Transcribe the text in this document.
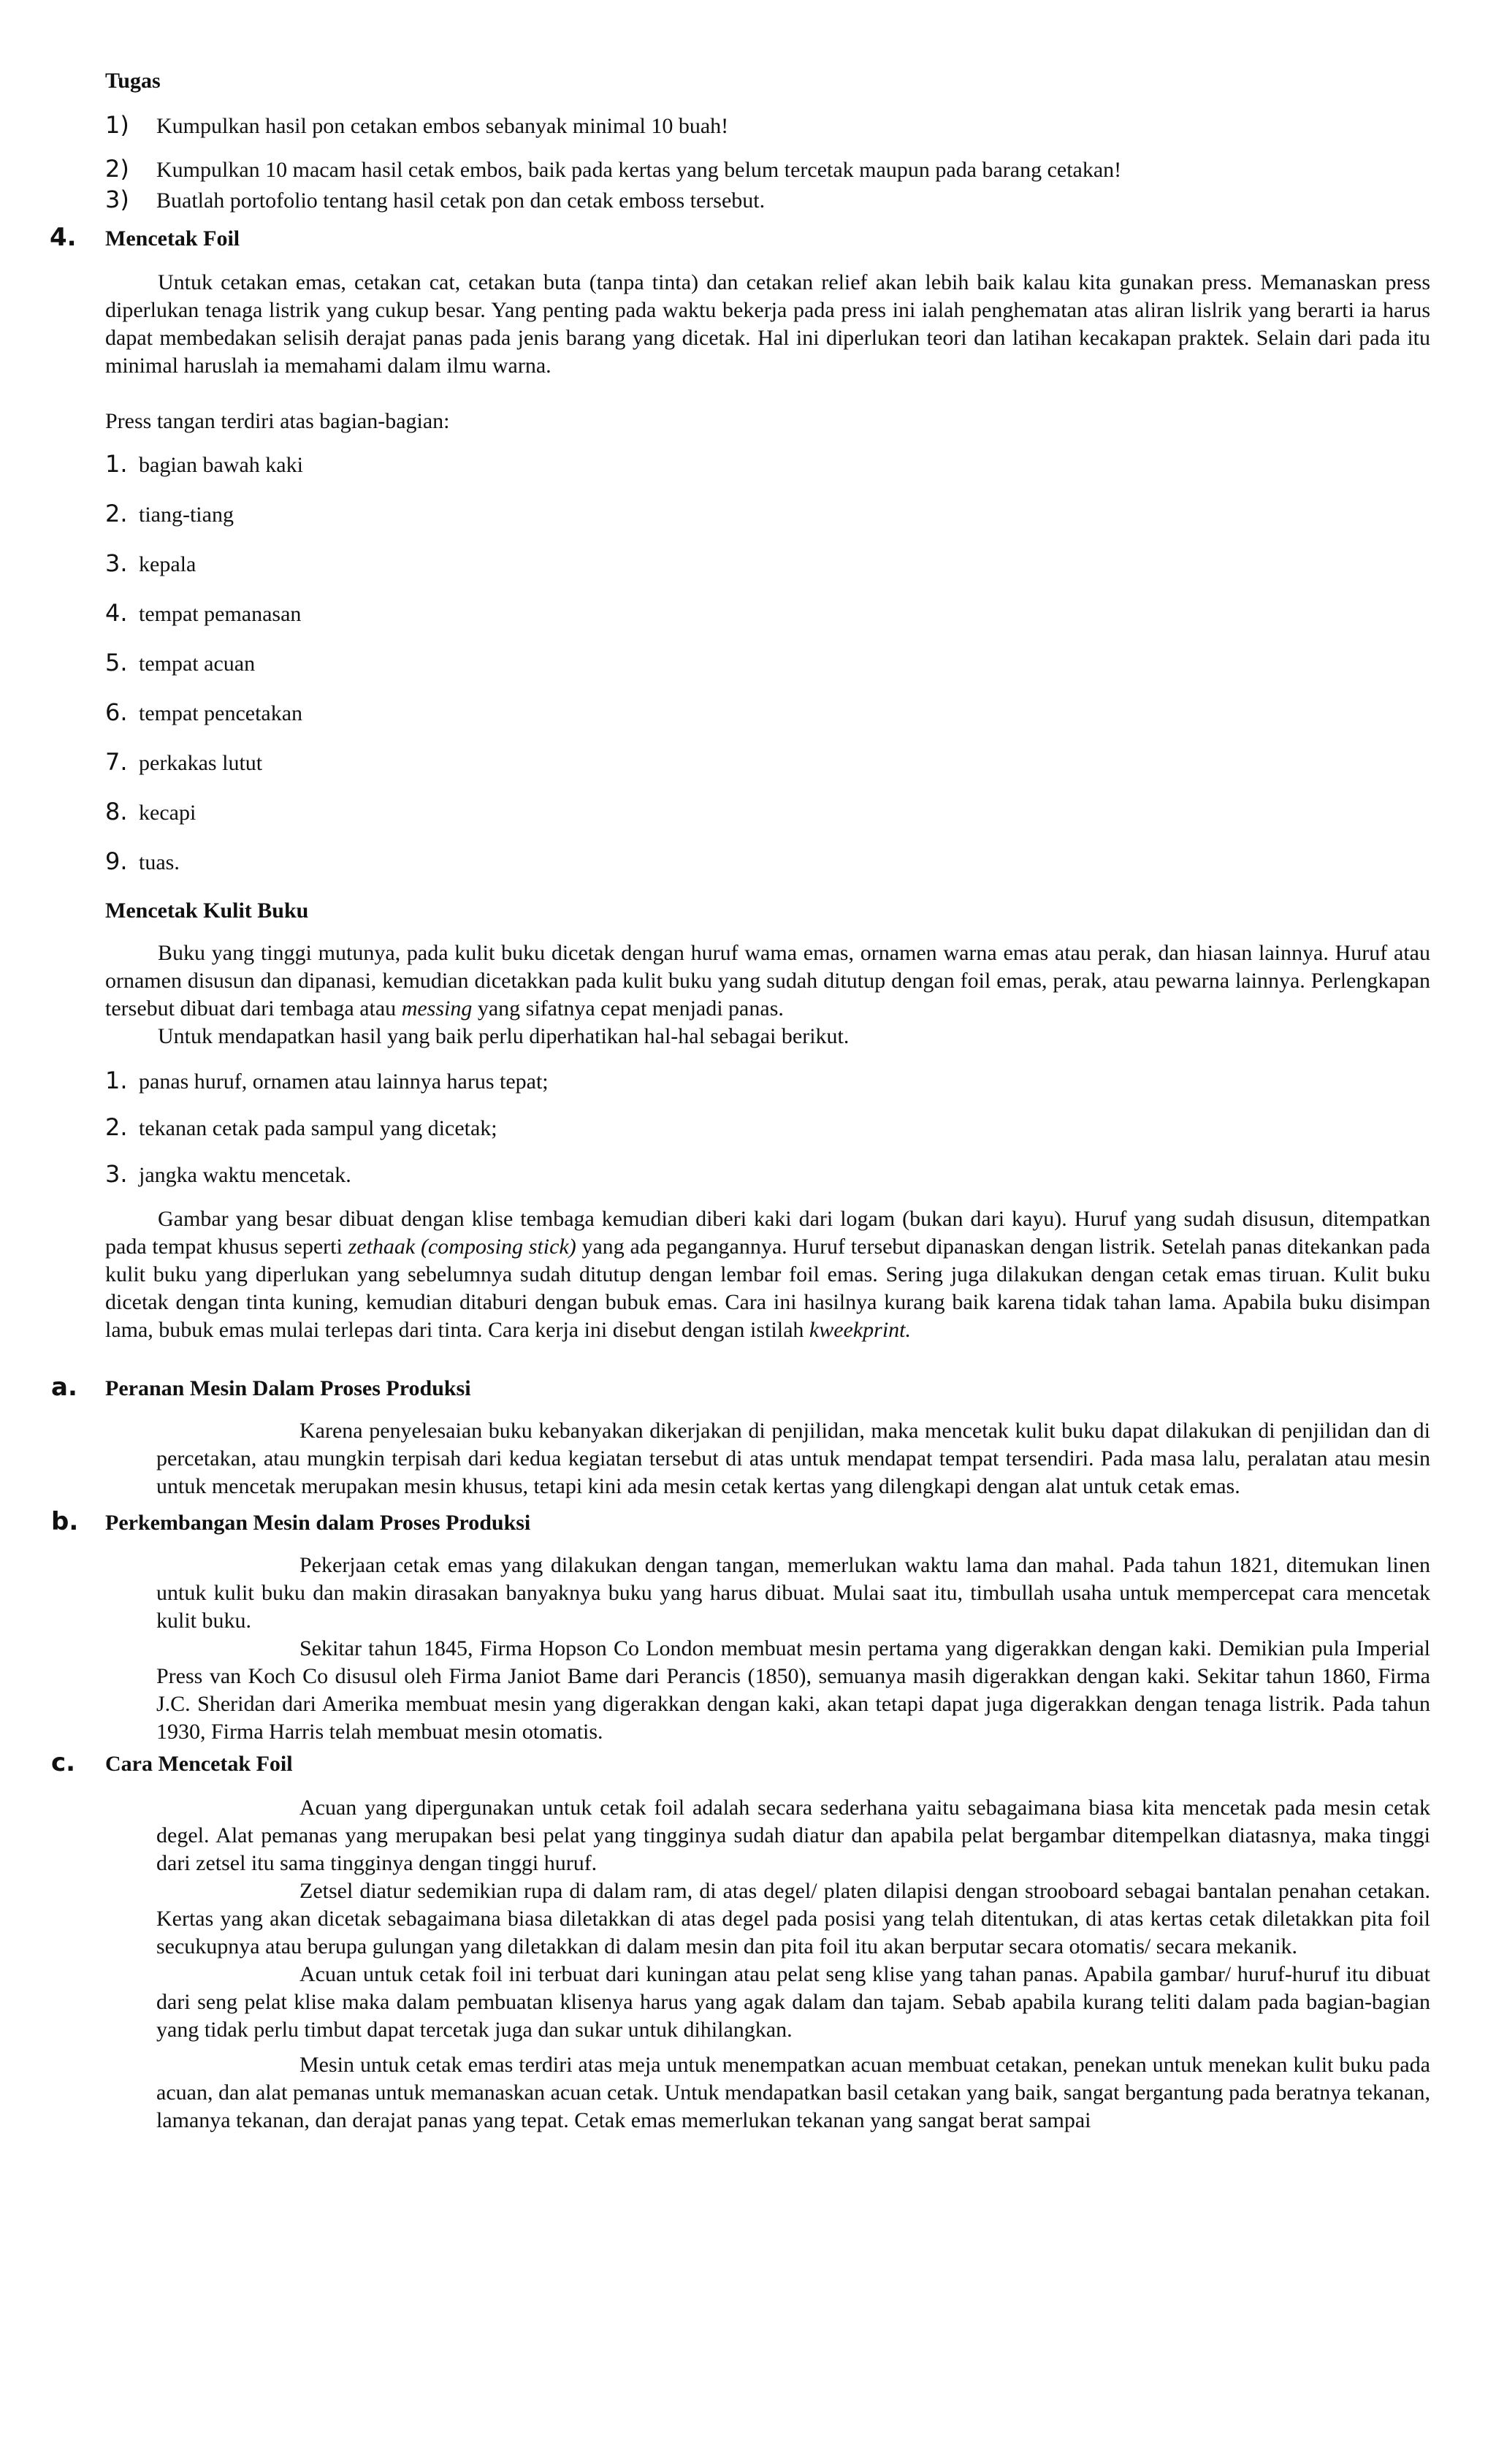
Tugas
1)	Kumpulkan hasil pon cetakan embos sebanyak minimal 10 buah!
2)	Kumpulkan 10 macam hasil cetak embos, baik pada kertas yang belum tercetak maupun pada barang cetakan!
3)	Buatlah portofolio tentang hasil cetak pon dan cetak emboss tersebut.
4.	Mencetak Foil

Untuk cetakan emas, cetakan cat, cetakan buta (tanpa tinta) dan cetakan relief akan lebih baik kalau kita gunakan press. Memanaskan press diperlukan tenaga listrik yang cukup besar. Yang penting pada waktu bekerja pada press ini ialah penghematan atas aliran lislrik yang berarti ia harus dapat membedakan selisih derajat panas pada jenis barang yang dicetak. Hal ini diperlukan teori dan latihan kecakapan praktek. Selain dari pada itu minimal haruslah ia memahami dalam ilmu warna.

Press tangan terdiri atas bagian-bagian:

1. bagian bawah kaki
2. tiang-tiang
3. kepala
4. tempat pemanasan
5. tempat acuan
6. tempat pencetakan
7. perkakas lutut
8. kecapi
9. tuas.
Mencetak Kulit Buku

Buku yang tinggi mutunya, pada kulit buku dicetak dengan huruf wama emas, ornamen warna emas atau perak, dan hiasan lainnya. Huruf atau ornamen disusun dan dipanasi, kemudian dicetakkan pada kulit buku yang sudah ditutup dengan foil emas, perak, atau pewarna lainnya. Perlengkapan tersebut dibuat dari tembaga atau messing yang sifatnya cepat menjadi panas.

Untuk mendapatkan hasil yang baik perlu diperhatikan hal-hal sebagai berikut.

1. panas huruf, ornamen atau lainnya harus tepat;
2. tekanan cetak pada sampul yang dicetak;
3. jangka waktu mencetak.

Gambar yang besar dibuat dengan klise tembaga kemudian diberi kaki dari logam (bukan dari kayu). Huruf yang sudah disusun, ditempatkan pada tempat khusus seperti zethaak (composing stick) yang ada pegangannya. Huruf tersebut dipanaskan dengan listrik. Setelah panas ditekankan pada kulit buku yang diperlukan yang sebelumnya sudah ditutup dengan lembar foil emas. Sering juga dilakukan dengan cetak emas tiruan. Kulit buku dicetak dengan tinta kuning, kemudian ditaburi dengan bubuk emas. Cara ini hasilnya kurang baik karena tidak tahan lama. Apabila buku disimpan lama, bubuk emas mulai terlepas dari tinta. Cara kerja ini disebut dengan istilah kweekprint.

a.	Peranan Mesin Dalam Proses Produksi

Karena penyelesaian buku kebanyakan dikerjakan di penjilidan, maka mencetak kulit buku dapat dilakukan di penjilidan dan di percetakan, atau mungkin terpisah dari kedua kegiatan tersebut di atas untuk mendapat tempat tersendiri. Pada masa lalu, peralatan atau mesin untuk mencetak merupakan mesin khusus, tetapi kini ada mesin cetak kertas yang dilengkapi dengan alat untuk cetak emas.

b.	Perkembangan Mesin dalam Proses Produksi

Pekerjaan cetak emas yang dilakukan dengan tangan, memerlukan waktu lama dan mahal. Pada tahun 1821, ditemukan linen untuk kulit buku dan makin dirasakan banyaknya buku yang harus dibuat. Mulai saat itu, timbullah usaha untuk mempercepat cara mencetak kulit buku.

Sekitar tahun 1845, Firma Hopson Co London membuat mesin pertama yang digerakkan dengan kaki. Demikian pula Imperial Press van Koch Co disusul oleh Firma Janiot Bame dari Perancis (1850), semuanya masih digerakkan dengan kaki. Sekitar tahun 1860, Firma J.C. Sheridan dari Amerika membuat mesin yang digerakkan dengan kaki, akan tetapi dapat juga digerakkan dengan tenaga listrik. Pada tahun 1930, Firma Harris telah membuat mesin otomatis.

c.	Cara Mencetak Foil

Acuan yang dipergunakan untuk cetak foil adalah secara sederhana yaitu sebagaimana biasa kita mencetak pada mesin cetak degel. Alat pemanas yang merupakan besi pelat yang tingginya sudah diatur dan apabila pelat bergambar ditempelkan diatasnya, maka tinggi dari zetsel itu sama tingginya dengan tinggi huruf.

Zetsel diatur sedemikian rupa di dalam ram, di atas degel/ platen dilapisi dengan strooboard sebagai bantalan penahan cetakan. Kertas yang akan dicetak sebagaimana biasa diletakkan di atas degel pada posisi yang telah ditentukan, di atas kertas cetak diletakkan pita foil secukupnya atau berupa gulungan yang diletakkan di dalam mesin dan pita foil itu akan berputar secara otomatis/ secara mekanik.

Acuan untuk cetak foil ini terbuat dari kuningan atau pelat seng klise yang tahan panas. Apabila gambar/ huruf-huruf itu dibuat dari seng pelat klise maka dalam pembuatan klisenya harus yang agak dalam dan tajam. Sebab apabila kurang teliti dalam pada bagian-bagian yang tidak perlu timbut dapat tercetak juga dan sukar untuk dihilangkan.

Mesin untuk cetak emas terdiri atas meja untuk menempatkan acuan membuat cetakan, penekan untuk menekan kulit buku pada acuan, dan alat pemanas untuk memanaskan acuan cetak. Untuk mendapatkan basil cetakan yang baik, sangat bergantung pada beratnya tekanan, lamanya tekanan, dan derajat panas yang tepat. Cetak emas memerlukan tekanan yang sangat berat sampai
